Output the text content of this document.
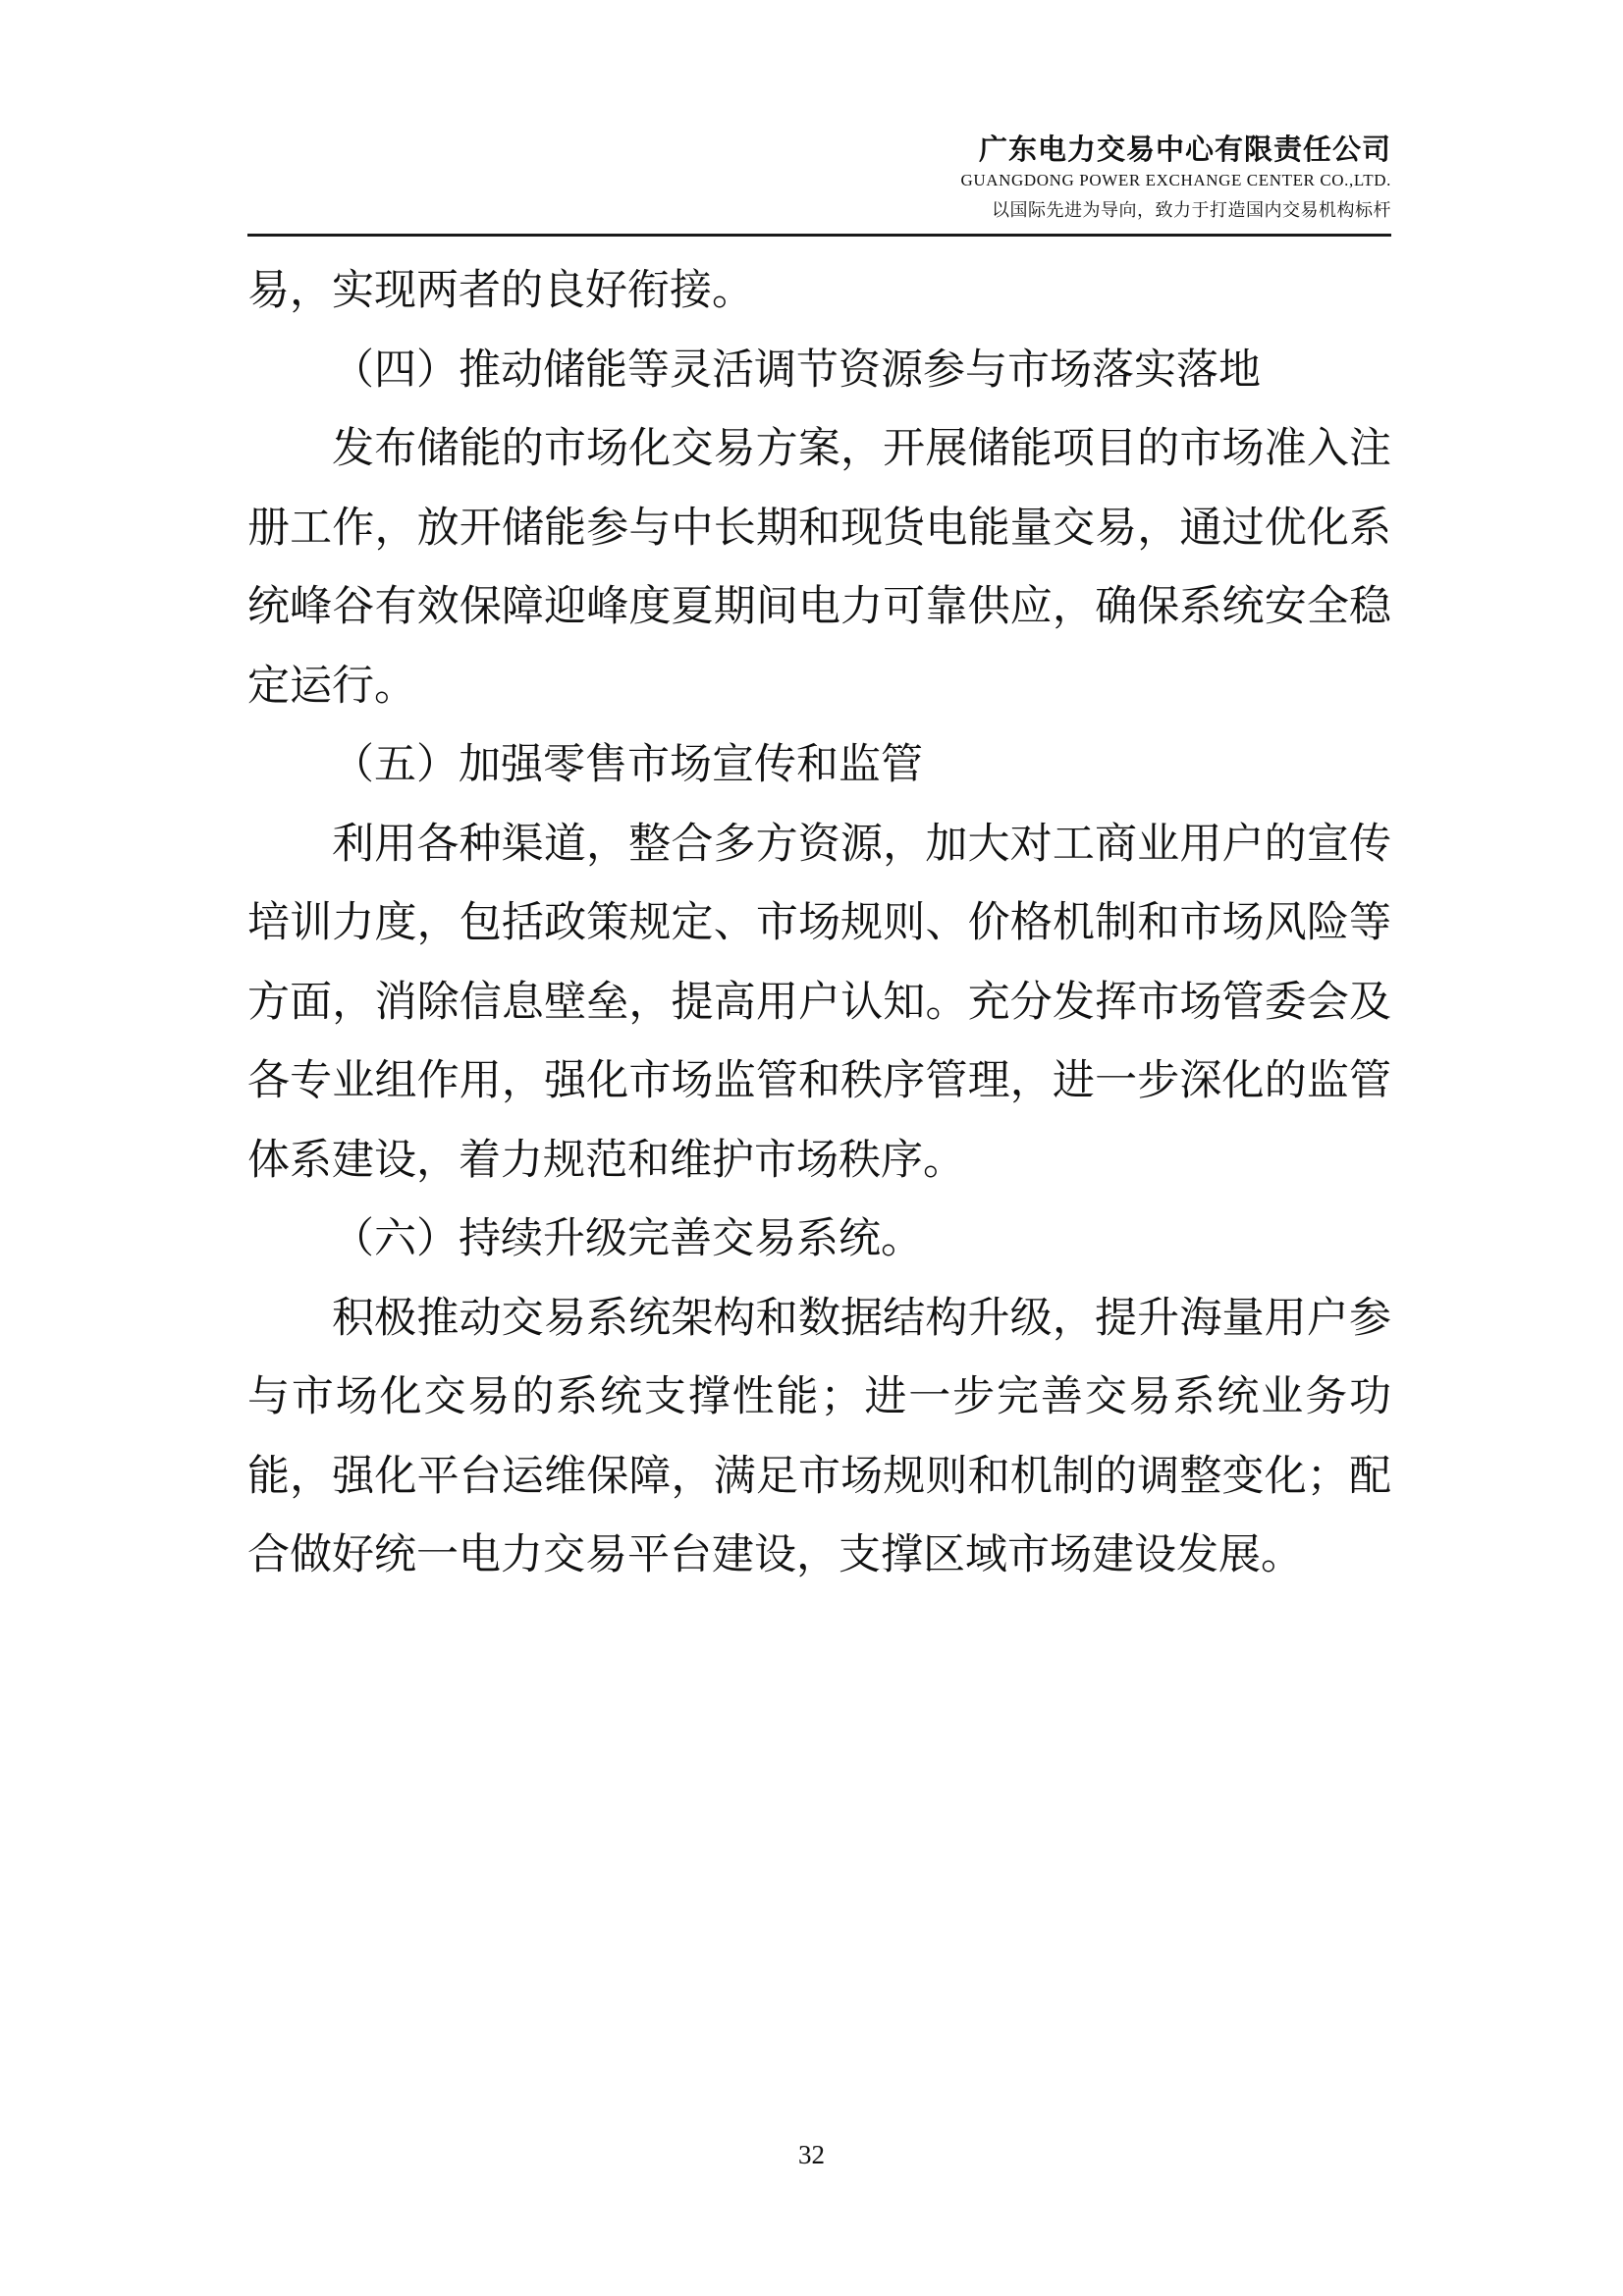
广东电力交易中心有限责任公司
GUANGDONG POWER EXCHANGE CENTER CO.,LTD.
以国际先进为导向，致力于打造国内交易机构标杆

易，实现两者的良好衔接。

（四）推动储能等灵活调节资源参与市场落实落地

发布储能的市场化交易方案，开展储能项目的市场准入注册工作，放开储能参与中长期和现货电能量交易，通过优化系统峰谷有效保障迎峰度夏期间电力可靠供应，确保系统安全稳定运行。

（五）加强零售市场宣传和监管

利用各种渠道，整合多方资源，加大对工商业用户的宣传培训力度，包括政策规定、市场规则、价格机制和市场风险等方面，消除信息壁垒，提高用户认知。充分发挥市场管委会及各专业组作用，强化市场监管和秩序管理，进一步深化的监管体系建设，着力规范和维护市场秩序。

（六）持续升级完善交易系统。

积极推动交易系统架构和数据结构升级，提升海量用户参与市场化交易的系统支撑性能；进一步完善交易系统业务功能，强化平台运维保障，满足市场规则和机制的调整变化；配合做好统一电力交易平台建设，支撑区域市场建设发展。

32
